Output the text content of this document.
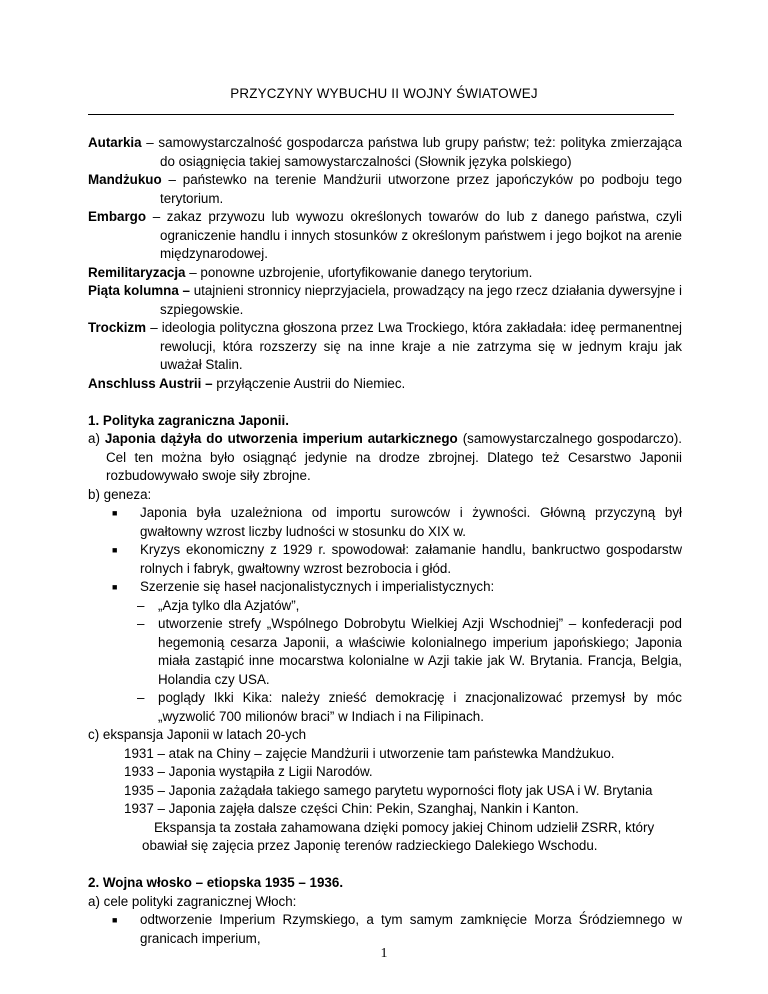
PRZYCZYNY WYBUCHU II WOJNY ŚWIATOWEJ

Autarkia – samowystarczalność gospodarcza państwa lub grupy państw; też: polityka zmierzająca do osiągnięcia takiej samowystarczalności (Słownik języka polskiego)

Mandżukuo – państewko na terenie Mandżurii utworzone przez japończyków po podboju tego terytorium.

Embargo – zakaz przywozu lub wywozu określonych towarów do lub z danego państwa, czyli ograniczenie handlu i innych stosunków z określonym państwem i jego bojkot na arenie międzynarodowej.

Remilitaryzacja – ponowne uzbrojenie, ufortyfikowanie danego terytorium.

Piąta kolumna – utajnieni stronnicy nieprzyjaciela, prowadzący na jego rzecz działania dywersyjne i szpiegowskie.

Trockizm – ideologia polityczna głoszona przez Lwa Trockiego, która zakładała: ideę permanentnej rewolucji, która rozszerzy się na inne kraje a nie zatrzyma się w jednym kraju jak uważał Stalin.

Anschluss Austrii – przyłączenie Austrii do Niemiec.

1. Polityka zagraniczna Japonii.

a) Japonia dążyła do utworzenia imperium autarkicznego (samowystarczalnego gospodarczo). Cel ten można było osiągnąć jedynie na drodze zbrojnej. Dlatego też Cesarstwo Japonii rozbudowywało swoje siły zbrojne.

b) geneza:

■ Japonia była uzależniona od importu surowców i żywności. Główną przyczyną był gwałtowny wzrost liczby ludności w stosunku do XIX w.

■ Kryzys ekonomiczny z 1929 r. spowodował: załamanie handlu, bankructwo gospodarstw rolnych i fabryk, gwałtowny wzrost bezrobocia i głód.

■ Szerzenie się haseł nacjonalistycznych i imperialistycznych:

– „Azja tylko dla Azjatów”,

– utworzenie strefy „Wspólnego Dobrobytu Wielkiej Azji Wschodniej” – konfederacji pod hegemonią cesarza Japonii, a właściwie kolonialnego imperium japońskiego; Japonia miała zastąpić inne mocarstwa kolonialne w Azji takie jak W. Brytania. Francja, Belgia, Holandia czy USA.

– poglądy Ikki Kika: należy znieść demokrację i znacjonalizować przemysł by móc „wyzwolić 700 milionów braci” w Indiach i na Filipinach.

c) ekspansja Japonii w latach 20-ych

1931 – atak na Chiny – zajęcie Mandżurii i utworzenie tam państewka Mandżukuo.

1933 – Japonia wystąpiła z Ligii Narodów.

1935 – Japonia zażądała takiego samego parytetu wyporności floty jak USA i W. Brytania

1937 – Japonia zajęła dalsze części Chin: Pekin, Szanghaj, Nankin i Kanton.

Ekspansja ta została zahamowana dzięki pomocy jakiej Chinom udzielił ZSRR, który

obawiał się zajęcia przez Japonię terenów radzieckiego Dalekiego Wschodu.

2. Wojna włosko – etiopska 1935 – 1936.

a) cele polityki zagranicznej Włoch:

■ odtworzenie Imperium Rzymskiego, a tym samym zamknięcie Morza Śródziemnego w granicach imperium,

1
